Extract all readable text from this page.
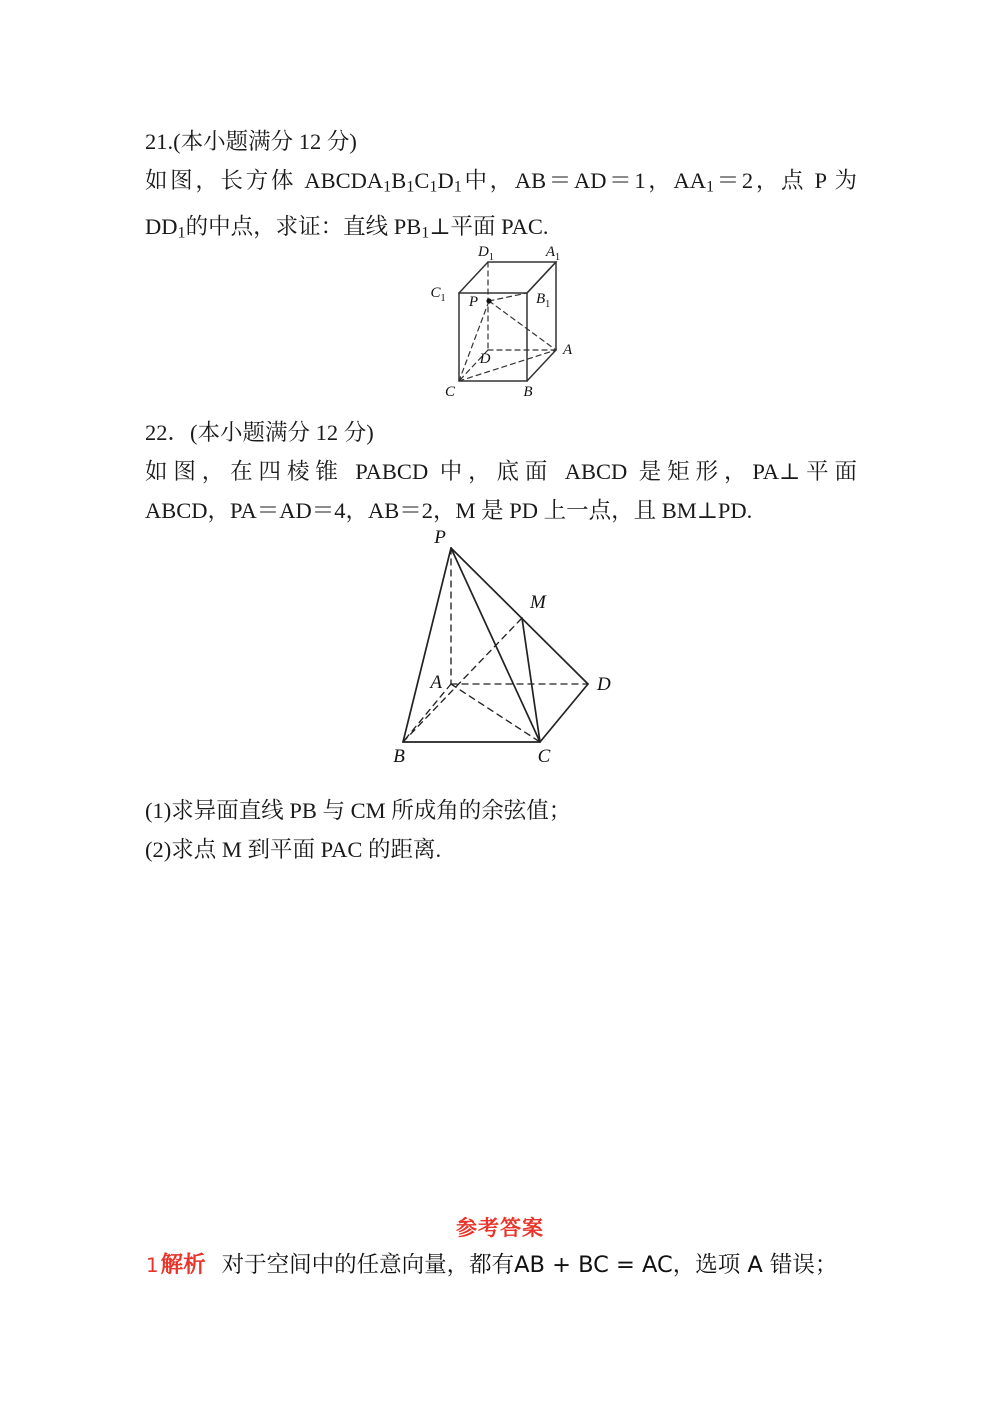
21.(本小题满分 12 分)
如图，长方体 $ABCDA_1B_1C_1D_1$中，AB＝AD＝1，$AA_1=2$，点 P 为
$DD_1$的中点，求证：直线 $PB_1\perp$平面 PAC.
$C_1$	$B_1$
B
C
$D_1$	$A_1$
A
D
P
22．(本小题满分 12 分)
如图，在四棱锥 PABCD 中，底面 ABCD 是矩形，PA⊥平面
ABCD，PA＝AD＝4，AB＝2，M 是 PD 上一点，且 BM⊥PD.
P
M
A	D
B	C
(1)求异面直线 PB 与 CM 所成角的余弦值；
(2)求点 M 到平面 PAC 的距离.
参考答案
1解析 对于空间中的任意向量，都有AB + BC = AC，选项 A 错误；
